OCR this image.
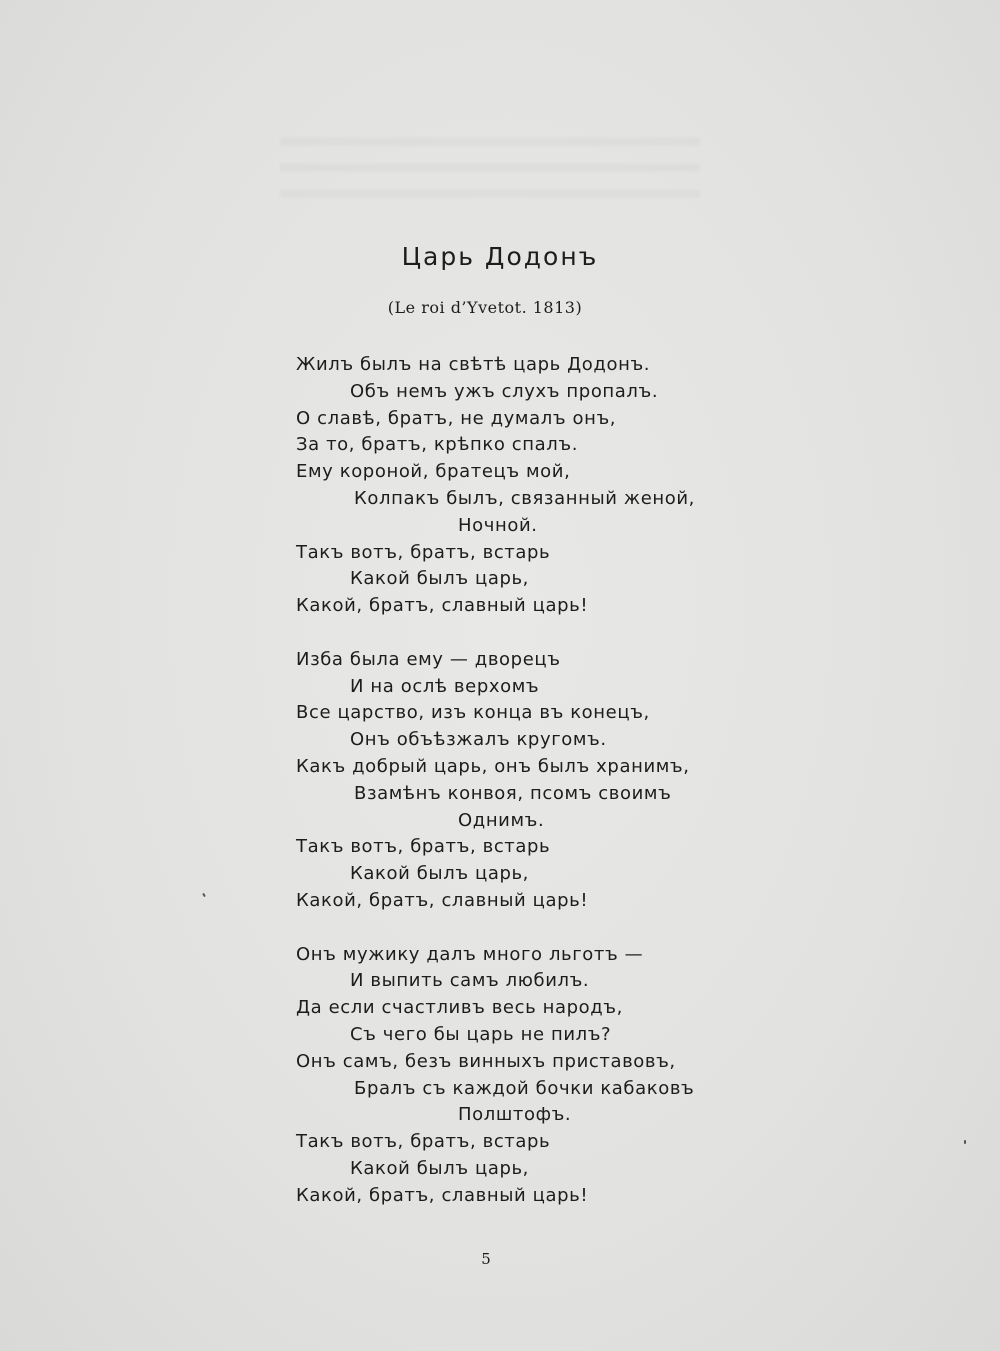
Царь Додонъ
(Le roi d’Yvetot. 1813)
Жилъ былъ на свѣтѣ царь Додонъ.
Объ немъ ужъ слухъ пропалъ.
О славѣ, братъ, не думалъ онъ,
За то, братъ, крѣпко спалъ.
Ему короной, братецъ мой,
Колпакъ былъ, связанный женой,
Ночной.
Такъ вотъ, братъ, встарь
Какой былъ царь,
Какой, братъ, славный царь!
Изба была ему — дворецъ
И на ослѣ верхомъ
Все царство, изъ конца въ конецъ,
Онъ объѣзжалъ кругомъ.
Какъ добрый царь, онъ былъ хранимъ,
Взамѣнъ конвоя, псомъ своимъ
Однимъ.
Такъ вотъ, братъ, встарь
Какой былъ царь,
Какой, братъ, славный царь!
Онъ мужику далъ много льготъ —
И выпить самъ любилъ.
Да если счастливъ весь народъ,
Съ чего бы царь не пилъ?
Онъ самъ, безъ винныхъ приставовъ,
Бралъ съ каждой бочки кабаковъ
Полштофъ.
Такъ вотъ, братъ, встарь
Какой былъ царь,
Какой, братъ, славный царь!
5
